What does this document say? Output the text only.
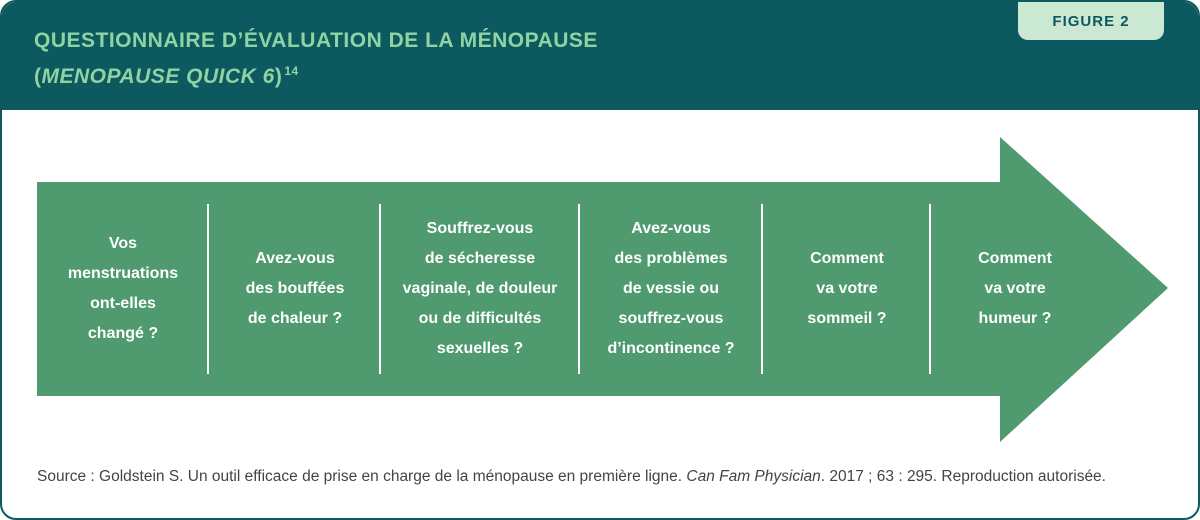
QUESTIONNAIRE D’ÉVALUATION DE LA MÉNOPAUSE
(MENOPAUSE QUICK 6) $^{14}$
FIGURE 2
Vos
menstruations
ont-elles
changé ?
Avez-vous
des bouffées
de chaleur ?
Souffrez-vous
de sécheresse
vaginale, de douleur
ou de difficultés
sexuelles ?
Avez-vous
des problèmes
de vessie ou
souffrez-vous
d’incontinence ?
Comment
va votre
sommeil ?
Comment
va votre
humeur ?
Source : Goldstein S. Un outil efficace de prise en charge de la ménopause en première ligne. Can Fam Physician. 2017 ; 63 : 295. Reproduction autorisée.
